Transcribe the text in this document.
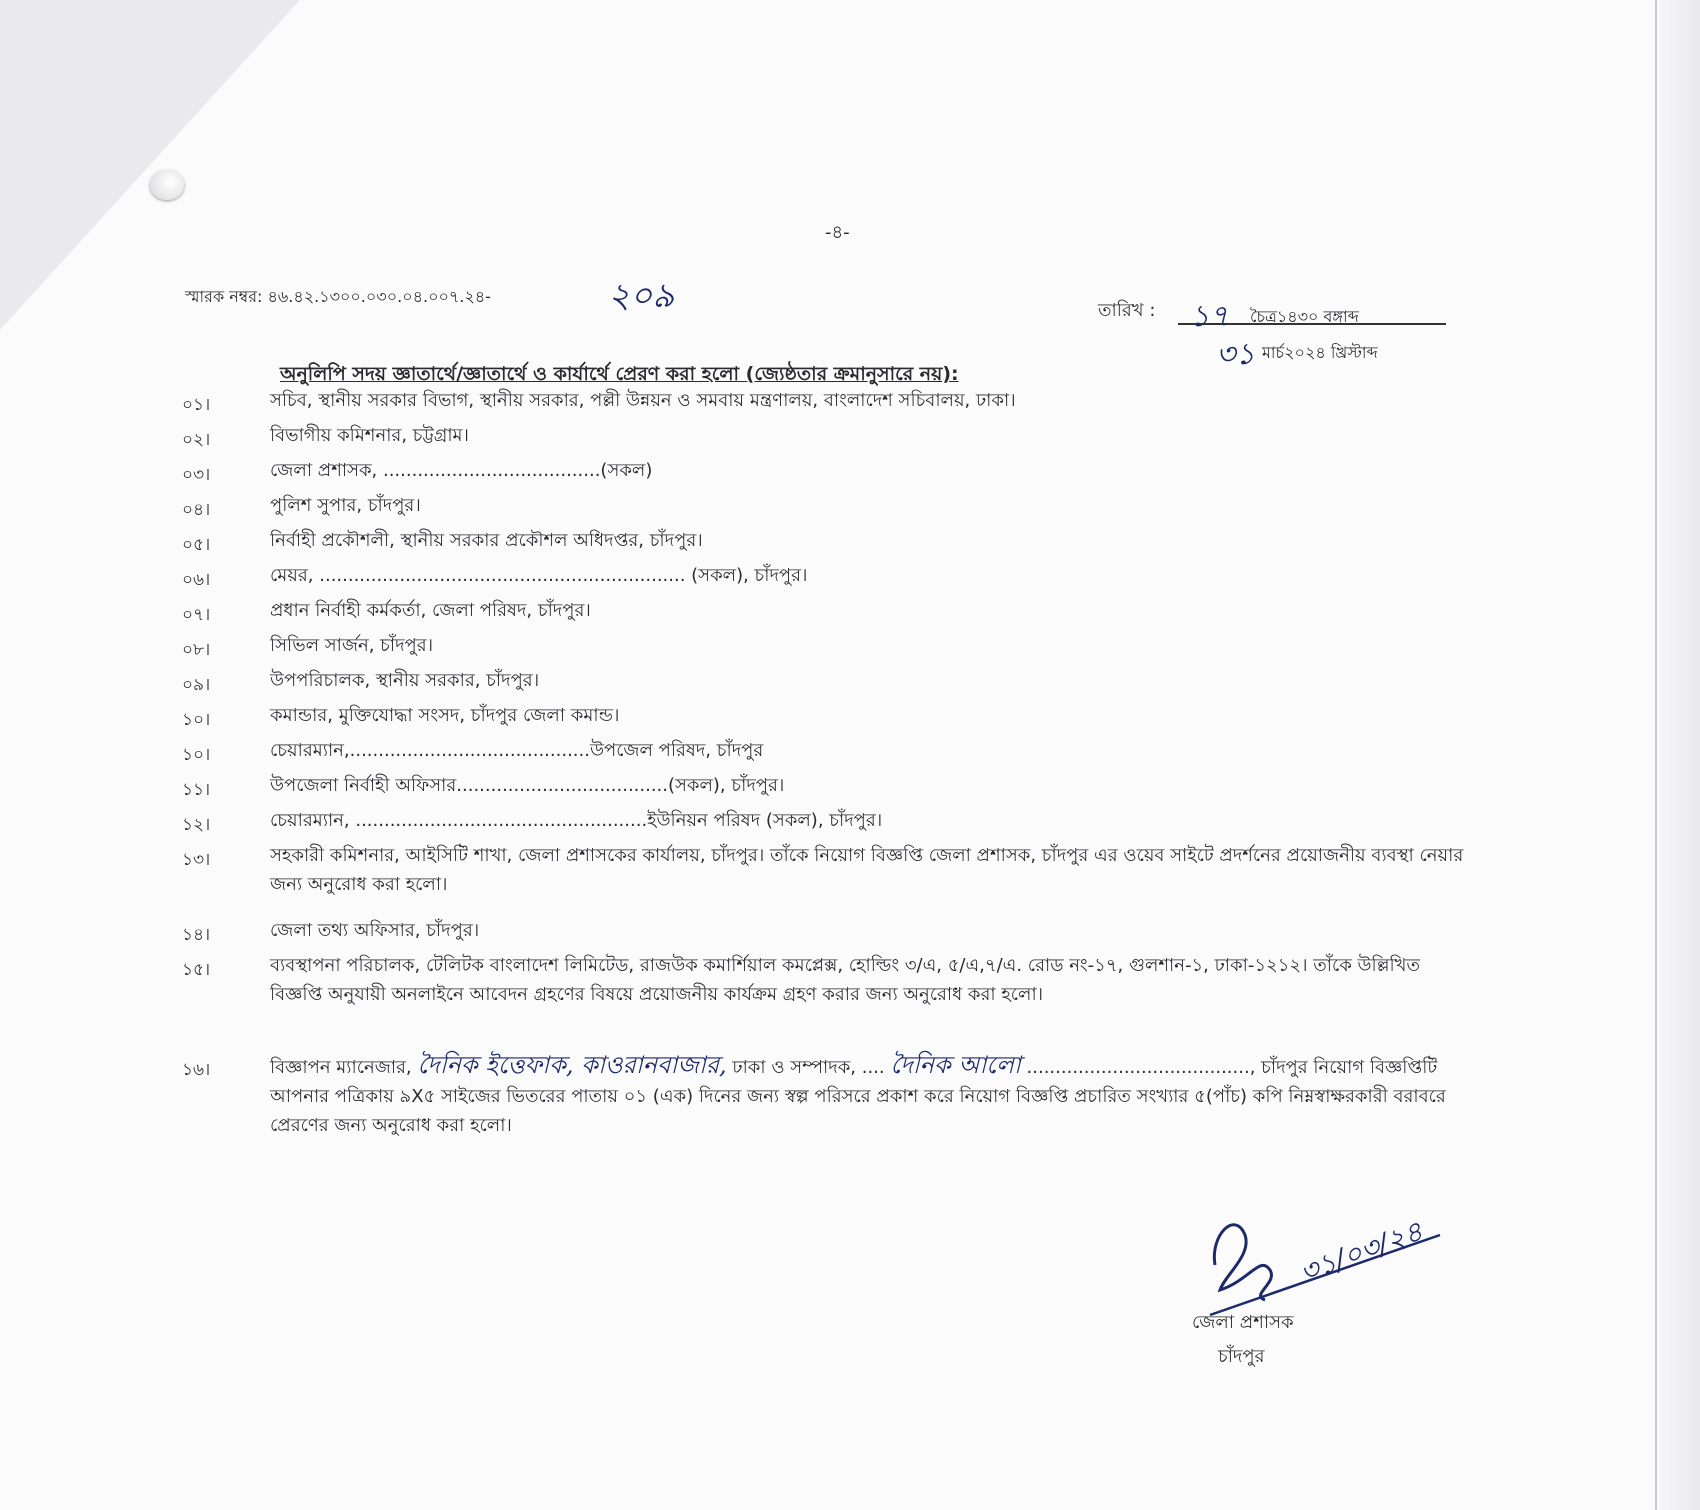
-৪-
স্মারক নম্বর: ৪৬.৪২.১৩০০.০৩০.০৪.০০৭.২৪-	২০৯	তারিখ : ১৭ চৈত্র১৪৩০ বঙ্গাব্দ
৩১ মার্চ২০২৪ খ্রিস্টাব্দ
অনুলিপি সদয় জ্ঞাতার্থে/জ্ঞাতার্থে ও কার্যার্থে প্রেরণ করা হলো (জ্যেষ্ঠতার ক্রমানুসারে নয়):
০১।	সচিব, স্থানীয় সরকার বিভাগ, স্থানীয় সরকার, পল্লী উন্নয়ন ও সমবায় মন্ত্রণালয়, বাংলাদেশ সচিবালয়, ঢাকা।
০২।	বিভাগীয় কমিশনার, চট্টগ্রাম।
০৩।	জেলা প্রশাসক, ......................................(সকল)
০৪।	পুলিশ সুপার, চাঁদপুর।
০৫।	নির্বাহী প্রকৌশলী, স্থানীয় সরকার প্রকৌশল অধিদপ্তর, চাঁদপুর।
০৬।	মেয়র, ................................................................ (সকল), চাঁদপুর।
০৭।	প্রধান নির্বাহী কর্মকর্তা, জেলা পরিষদ, চাঁদপুর।
০৮।	সিভিল সার্জন, চাঁদপুর।
০৯।	উপপরিচালক, স্থানীয় সরকার, চাঁদপুর।
১০।	কমান্ডার, মুক্তিযোদ্ধা সংসদ, চাঁদপুর জেলা কমান্ড।
১০।	চেয়ারম্যান,..........................................উপজেল পরিষদ, চাঁদপুর
১১।	উপজেলা নির্বাহী অফিসার.....................................(সকল), চাঁদপুর।
১২।	চেয়ারম্যান, ...................................................ইউনিয়ন পরিষদ (সকল), চাঁদপুর।
১৩।	সহকারী কমিশনার, আইসিটি শাখা, জেলা প্রশাসকের কার্যালয়, চাঁদপুর। তাঁকে নিয়োগ বিজ্ঞপ্তি জেলা প্রশাসক, চাঁদপুর এর ওয়েব সাইটে প্রদর্শনের প্রয়োজনীয় ব্যবস্থা নেয়ার জন্য অনুরোধ করা হলো।
১৪।	জেলা তথ্য অফিসার, চাঁদপুর।
১৫।	ব্যবস্থাপনা পরিচালক, টেলিটক বাংলাদেশ লিমিটেড, রাজউক কমার্শিয়াল কমপ্লেক্স, হোল্ডিং ৩/এ, ৫/এ,৭/এ. রোড নং-১৭, গুলশান-১, ঢাকা-১২১২। তাঁকে উল্লিখিত বিজ্ঞপ্তি অনুযায়ী অনলাইনে আবেদন গ্রহণের বিষয়ে প্রয়োজনীয় কার্যক্রম গ্রহণ করার জন্য অনুরোধ করা হলো।
১৬।	বিজ্ঞাপন ম্যানেজার, দৈনিক ইত্তেফাক, কাওরানবাজার, ঢাকা ও সম্পাদক, .... দৈনিক আলো ......................................., চাঁদপুর নিয়োগ বিজ্ঞপ্তিটি আপনার পত্রিকায় ৯X৫ সাইজের ভিতরের পাতায় ০১ (এক) দিনের জন্য স্বল্প পরিসরে প্রকাশ করে নিয়োগ বিজ্ঞপ্তি প্রচারিত সংখ্যার ৫(পাঁচ) কপি নিম্নস্বাক্ষরকারী বরাবরে প্রেরণের জন্য অনুরোধ করা হলো।
৩১/০৩/২৪
জেলা প্রশাসক
চাঁদপুর
